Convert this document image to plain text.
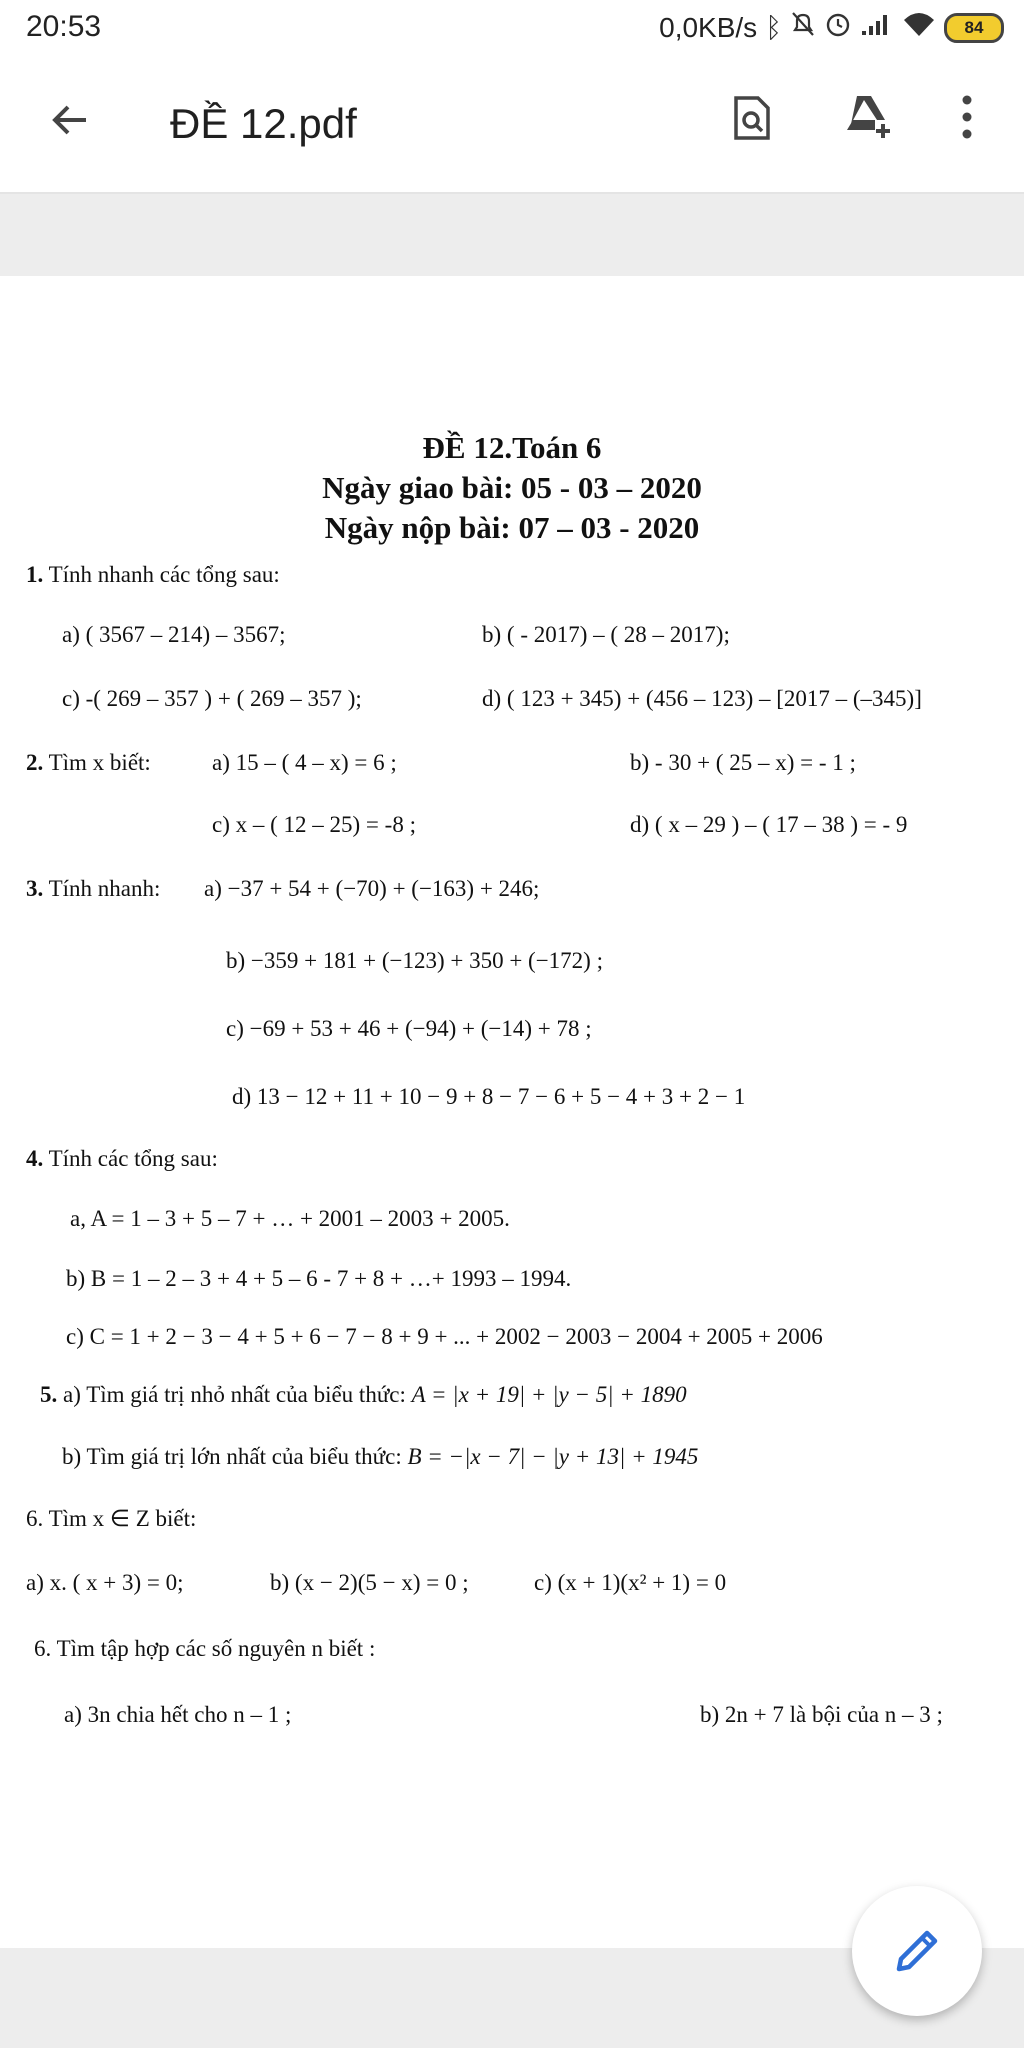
20:53	0,0KB/s ᛒ	84
ĐỀ 12.pdf
ĐỀ 12.Toán 6
Ngày giao bài: 05 - 03 – 2020
Ngày nộp bài: 07 – 03 - 2020
1. Tính nhanh các tổng sau:
a) ( 3567 – 214) – 3567;	b) ( - 2017) – ( 28 – 2017);
c) -( 269 – 357 ) + ( 269 – 357 );	d) ( 123 + 345) + (456 – 123) – [2017 – (–345)]
2. Tìm x biết:	a) 15 – ( 4 – x) = 6 ;	b) - 30 + ( 25 – x) = - 1 ;
c) x – ( 12 – 25) = -8 ;	d) ( x – 29 ) – ( 17 – 38 ) = - 9
3. Tính nhanh: a) −37 + 54 + (−70) + (−163) + 246;
b) −359 + 181 + (−123) + 350 + (−172) ;
c) −69 + 53 + 46 + (−94) + (−14) + 78 ;
d) 13 − 12 + 11 + 10 − 9 + 8 − 7 − 6 + 5 − 4 + 3 + 2 − 1
4. Tính các tổng sau:
a, A = 1 – 3 + 5 – 7 + … + 2001 – 2003 + 2005.
b) B = 1 – 2 – 3 + 4 + 5 – 6 - 7 + 8 + …+ 1993 – 1994.
c) C = 1 + 2 − 3 − 4 + 5 + 6 − 7 − 8 + 9 + ... + 2002 − 2003 − 2004 + 2005 + 2006
5. a) Tìm giá trị nhỏ nhất của biểu thức: A = |x + 19| + |y − 5| + 1890
b) Tìm giá trị lớn nhất của biểu thức: B = −|x − 7| − |y + 13| + 1945
6. Tìm x ∈ Z biết:
a) x. ( x + 3) = 0;	b) (x − 2)(5 − x) = 0 ;	c) (x + 1)(x² + 1) = 0
6. Tìm tập hợp các số nguyên n biết :
a) 3n chia hết cho n – 1 ;	b) 2n + 7 là bội của n – 3 ;
